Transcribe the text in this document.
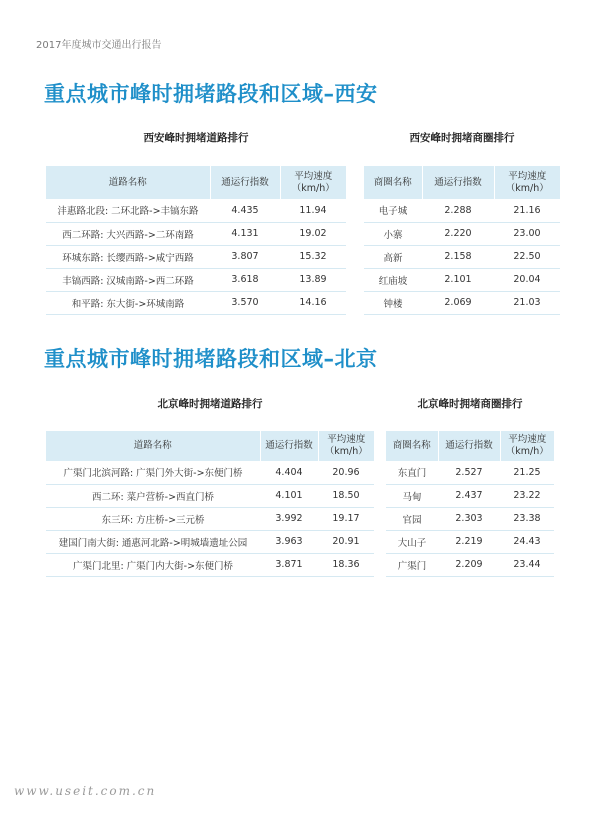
2017年度城市交通出行报告
重点城市峰时拥堵路段和区域–西安
西安峰时拥堵道路排行
道路名称	通运行指数	平均速度（km/h）
沣惠路北段: 二环北路->丰镐东路	4.435	11.94
西二环路: 大兴西路->二环南路	4.131	19.02
环城东路: 长缨西路->咸宁西路	3.807	15.32
丰镐西路: 汉城南路->西二环路	3.618	13.89
和平路: 东大街->环城南路	3.570	14.16
西安峰时拥堵商圈排行
商圈名称	通运行指数	平均速度（km/h）
电子城	2.288	21.16
小寨	2.220	23.00
高新	2.158	22.50
红庙坡	2.101	20.04
钟楼	2.069	21.03
重点城市峰时拥堵路段和区域–北京
北京峰时拥堵道路排行
道路名称	通运行指数	平均速度（km/h）
广渠门北滨河路: 广渠门外大街->东便门桥	4.404	20.96
西二环: 菜户营桥->西直门桥	4.101	18.50
东三环: 方庄桥->三元桥	3.992	19.17
建国门南大街: 通惠河北路->明城墙遗址公园	3.963	20.91
广渠门北里: 广渠门内大街->东便门桥	3.871	18.36
北京峰时拥堵商圈排行
商圈名称	通运行指数	平均速度（km/h）
东直门	2.527	21.25
马甸	2.437	23.22
官园	2.303	23.38
大山子	2.219	24.43
广渠门	2.209	23.44
www.useit.com.cn
